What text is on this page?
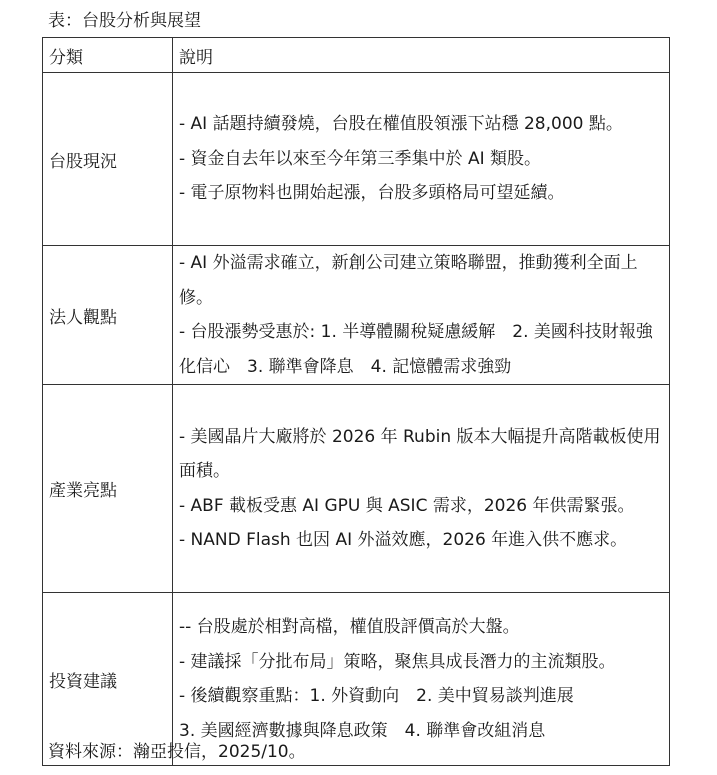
表：台股分析與展望
分類	說明
台股現況	- AI 話題持續發燒，台股在權值股領漲下站穩 28,000 點。
- 資金自去年以來至今年第三季集中於 AI 類股。
- 電子原物料也開始起漲，台股多頭格局可望延續。

法人觀點	- AI 外溢需求確立，新創公司建立策略聯盟，推動獲利全面上修。
- 台股漲勢受惠於: 1. 半導體關稅疑慮緩解　2. 美國科技財報強化信心　3. 聯準會降息　4. 記憶體需求強勁

產業亮點	- 美國晶片大廠將於 2026 年 Rubin 版本大幅提升高階載板使用面積。
- ABF 載板受惠 AI GPU 與 ASIC 需求，2026 年供需緊張。
- NAND Flash 也因 AI 外溢效應，2026 年進入供不應求。

投資建議	-- 台股處於相對高檔，權值股評價高於大盤。
- 建議採「分批布局」策略，聚焦具成長潛力的主流類股。
- 後續觀察重點：1. 外資動向　2. 美中貿易談判進展
3. 美國經濟數據與降息政策　4. 聯準會改組消息
資料來源：瀚亞投信，2025/10。
